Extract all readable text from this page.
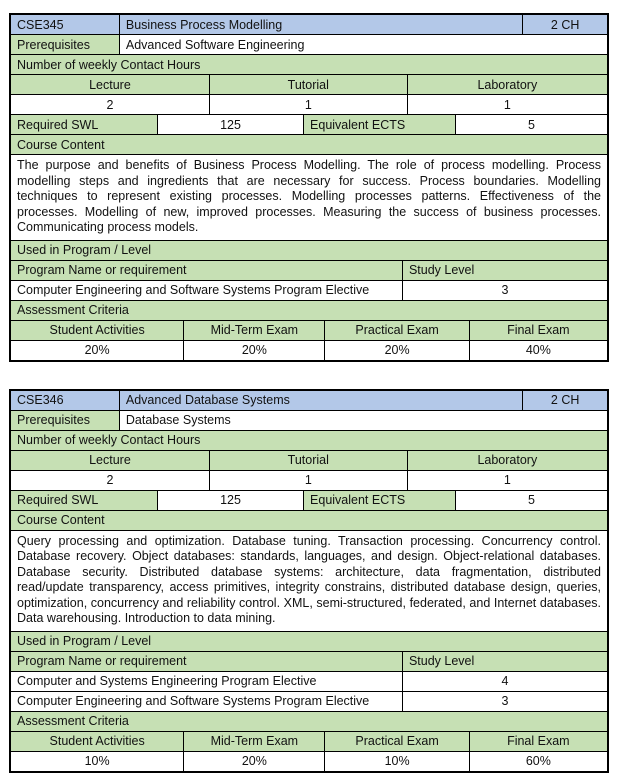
CSE345	Business Process Modelling	2 CH
Prerequisites	Advanced Software Engineering
Number of weekly Contact Hours
Lecture	Tutorial	Laboratory
2	1	1
Required SWL	125	Equivalent ECTS	5
Course Content
The purpose and benefits of Business Process Modelling. The role of process modelling. Process modelling steps and ingredients that are necessary for success. Process boundaries. Modelling techniques to represent existing processes. Modelling processes patterns. Effectiveness of the processes. Modelling of new, improved processes. Measuring the success of business processes. Communicating process models.
Used in Program / Level
Program Name or requirement	Study Level
Computer Engineering and Software Systems Program Elective	3
Assessment Criteria
Student Activities	Mid-Term Exam	Practical Exam	Final Exam
20%	20%	20%	40%
CSE346	Advanced Database Systems	2 CH
Prerequisites	Database Systems
Number of weekly Contact Hours
Lecture	Tutorial	Laboratory
2	1	1
Required SWL	125	Equivalent ECTS	5
Course Content
Query processing and optimization. Database tuning. Transaction processing. Concurrency control. Database recovery. Object databases: standards, languages, and design. Object-relational databases. Database security. Distributed database systems: architecture, data fragmentation, distributed read/update transparency, access primitives, integrity constrains, distributed database design, queries, optimization, concurrency and reliability control. XML, semi-structured, federated, and Internet databases. Data warehousing. Introduction to data mining.
Used in Program / Level
Program Name or requirement	Study Level
Computer and Systems Engineering Program Elective	4
Computer Engineering and Software Systems Program Elective	3
Assessment Criteria
Student Activities	Mid-Term Exam	Practical Exam	Final Exam
10%	20%	10%	60%
